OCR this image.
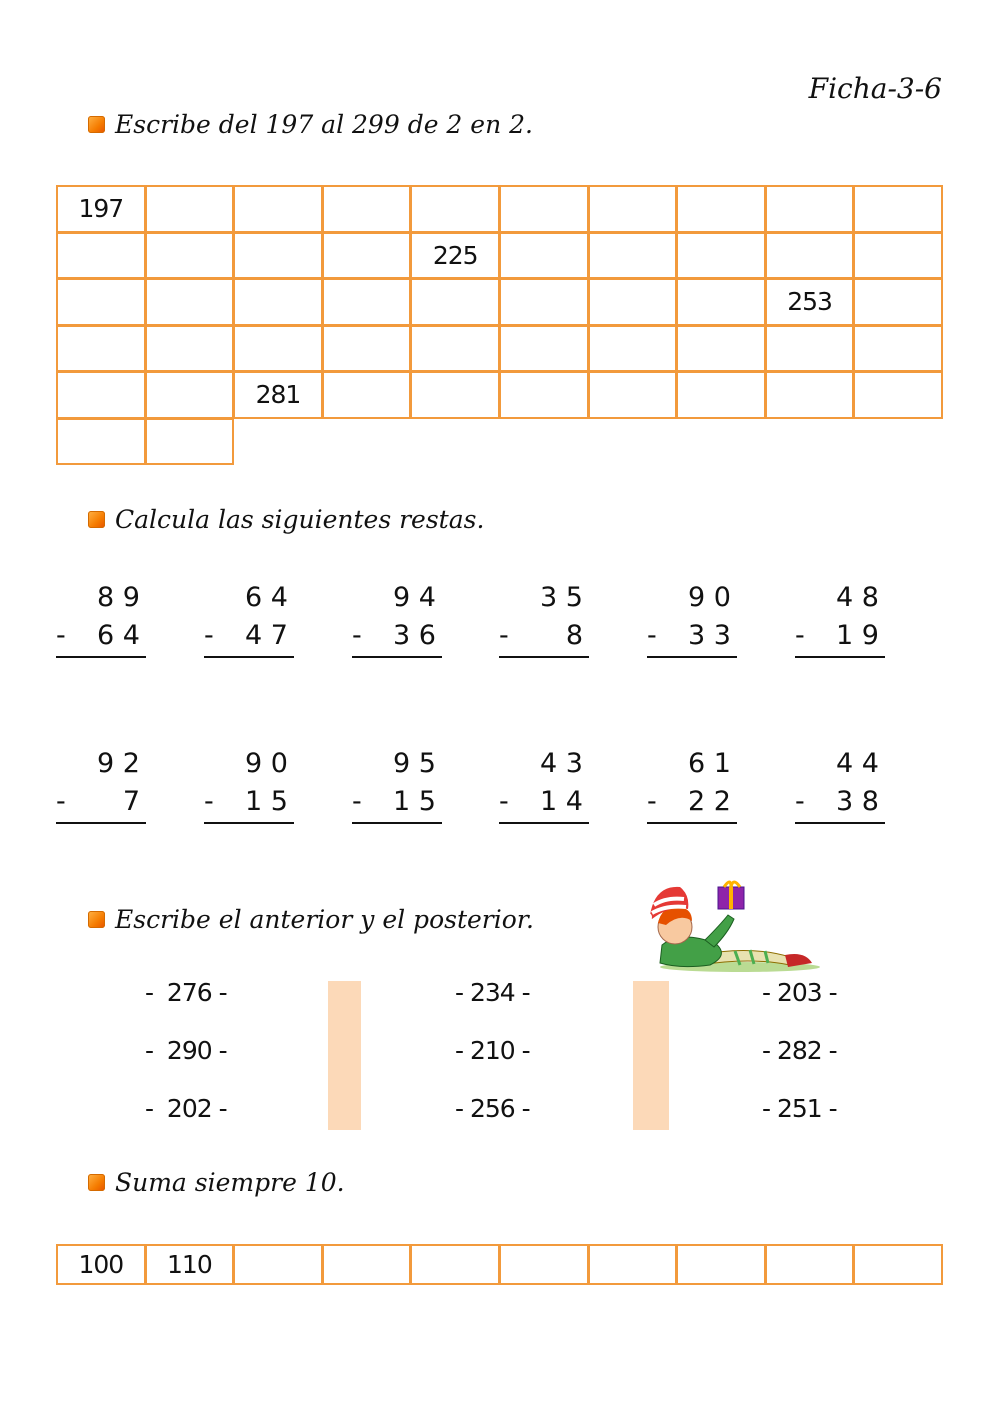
Ficha-3-6
Escribe del 197 al 299 de 2 en 2.
197
225
253
281
Calcula las siguientes restas.
8 9
- 6 4
6 4
- 4 7
9 4
- 3 6
3 5
- 8
9 0
- 3 3
4 8
- 1 9
9 2
- 7
9 0
- 1 5
9 5
- 1 5
4 3
- 1 4
6 1
- 2 2
4 4
- 3 8
Escribe el anterior y el posterior.
-  276 -
-  290 -
-  202 -
- 234 -
- 210 -
- 256 -
- 203 -
- 282 -
- 251 -
Suma siempre 10.
100	110
